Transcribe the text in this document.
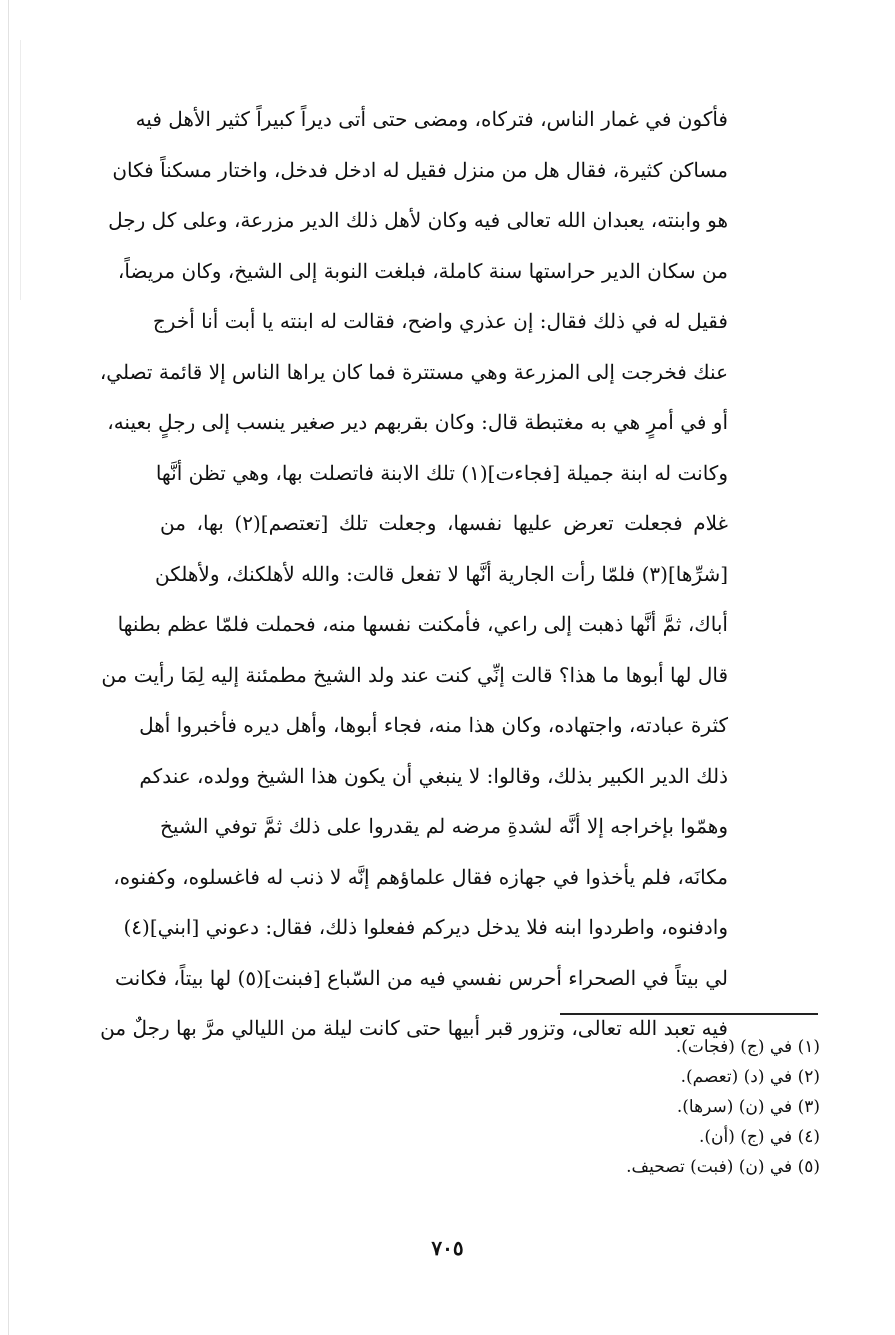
فأكون في غمار الناس، فتركاه، ومضى حتى أتى ديراً كبيراً كثير الأهل فيه
مساكن كثيرة، فقال هل من منزل فقيل له ادخل فدخل، واختار مسكناً فكان
هو وابنته، يعبدان الله تعالى فيه وكان لأهل ذلك الدير مزرعة، وعلى كل رجل
من سكان الدير حراستها سنة كاملة، فبلغت النوبة إلى الشيخ، وكان مريضاً،
فقيل له في ذلك فقال: إن عذري واضح، فقالت له ابنته يا أبت أنا أخرج
عنك فخرجت إلى المزرعة وهي مستترة فما كان يراها الناس إلا قائمة تصلي،
أو في أمرٍ هي به مغتبطة قال: وكان بقربهم دير صغير ينسب إلى رجلٍ بعينه،
وكانت له ابنة جميلة [فجاءت](١) تلك الابنة فاتصلت بها، وهي تظن أنَّها
غلام فجعلت تعرض عليها نفسها، وجعلت تلك [تعتصم](٢) بها، من
[شرِّها](٣) فلمّا رأت الجارية أنَّها لا تفعل قالت: والله لأهلكنك، ولأهلكن
أباك، ثمَّ أنَّها ذهبت إلى راعي، فأمكنت نفسها منه، فحملت فلمّا عظم بطنها
قال لها أبوها ما هذا؟ قالت إنِّي كنت عند ولد الشيخ مطمئنة إليه لِمَا رأيت من
كثرة عبادته، واجتهاده، وكان هذا منه، فجاء أبوها، وأهل ديره فأخبروا أهل
ذلك الدير الكبير بذلك، وقالوا: لا ينبغي أن يكون هذا الشيخ وولده، عندكم
وهمّوا بإخراجه إلا أنَّه لشدةِ مرضه لم يقدروا على ذلك ثمَّ توفي الشيخ
مكانَه، فلم يأخذوا في جهازه فقال علماؤهم إنَّه لا ذنب له فاغسلوه، وكفنوه،
وادفنوه، واطردوا ابنه فلا يدخل ديركم ففعلوا ذلك، فقال: دعوني [ابني](٤)
لي بيتاً في الصحراء أحرس نفسي فيه من السّباع [فبنت](٥) لها بيتاً، فكانت
فيه تعبد الله تعالى، وتزور قبر أبيها حتى كانت ليلة من الليالي مرَّ بها رجلٌ من
(١) في (ج) (فجات).
(٢) في (د) (تعصم).
(٣) في (ن) (سرها).
(٤) في (ج) (أن).
(٥) في (ن) (فبت) تصحيف.
٧٠٥
